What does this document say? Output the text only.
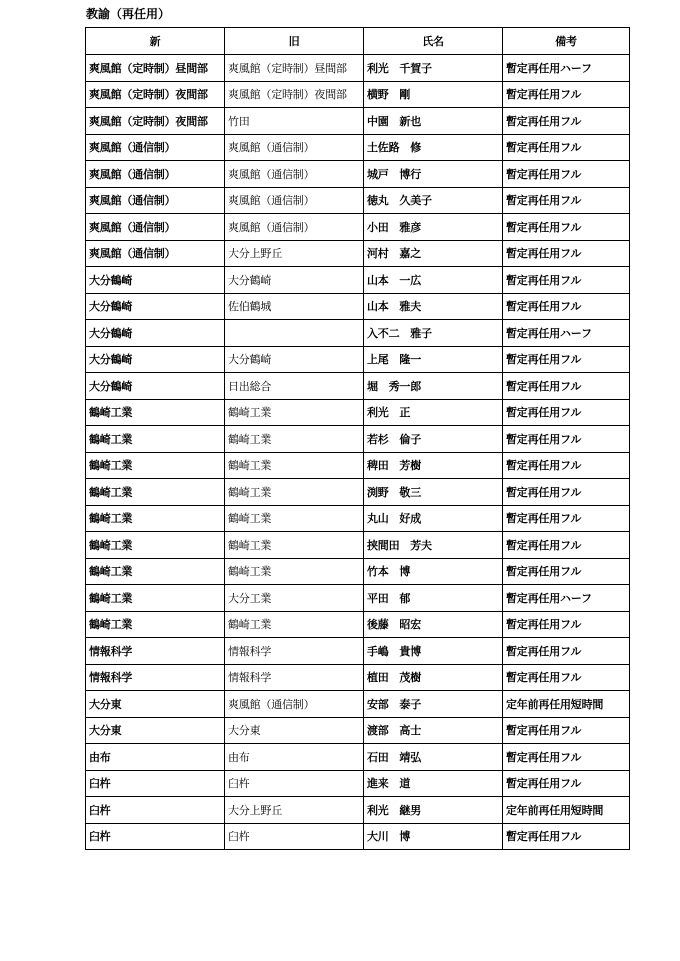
教諭（再任用）
新	旧	氏名	備考
爽風館（定時制）昼間部	爽風館（定時制）昼間部	利光　千賀子	暫定再任用ハーフ
爽風館（定時制）夜間部	爽風館（定時制）夜間部	横野　剛	暫定再任用フル
爽風館（定時制）夜間部	竹田	中園　新也	暫定再任用フル
爽風館（通信制）	爽風館（通信制）	土佐路　修	暫定再任用フル
爽風館（通信制）	爽風館（通信制）	城戸　博行	暫定再任用フル
爽風館（通信制）	爽風館（通信制）	徳丸　久美子	暫定再任用フル
爽風館（通信制）	爽風館（通信制）	小田　雅彦	暫定再任用フル
爽風館（通信制）	大分上野丘	河村　嘉之	暫定再任用フル
大分鶴崎	大分鶴崎	山本　一広	暫定再任用フル
大分鶴崎	佐伯鶴城	山本　雅夫	暫定再任用フル
大分鶴崎		入不二　雅子	暫定再任用ハーフ
大分鶴崎	大分鶴崎	上尾　隆一	暫定再任用フル
大分鶴崎	日出総合	堀　秀一郎	暫定再任用フル
鶴崎工業	鶴崎工業	利光　正	暫定再任用フル
鶴崎工業	鶴崎工業	若杉　倫子	暫定再任用フル
鶴崎工業	鶴崎工業	稗田　芳樹	暫定再任用フル
鶴崎工業	鶴崎工業	渕野　敬三	暫定再任用フル
鶴崎工業	鶴崎工業	丸山　好成	暫定再任用フル
鶴崎工業	鶴崎工業	挟間田　芳夫	暫定再任用フル
鶴崎工業	鶴崎工業	竹本　博	暫定再任用フル
鶴崎工業	大分工業	平田　郁	暫定再任用ハーフ
鶴崎工業	鶴崎工業	後藤　昭宏	暫定再任用フル
情報科学	情報科学	手嶋　貴博	暫定再任用フル
情報科学	情報科学	植田　茂樹	暫定再任用フル
大分東	爽風館（通信制）	安部　泰子	定年前再任用短時間
大分東	大分東	渡部　高士	暫定再任用フル
由布	由布	石田　靖弘	暫定再任用フル
臼杵	臼杵	進来　道	暫定再任用フル
臼杵	大分上野丘	利光　継男	定年前再任用短時間
臼杵	臼杵	大川　博	暫定再任用フル
